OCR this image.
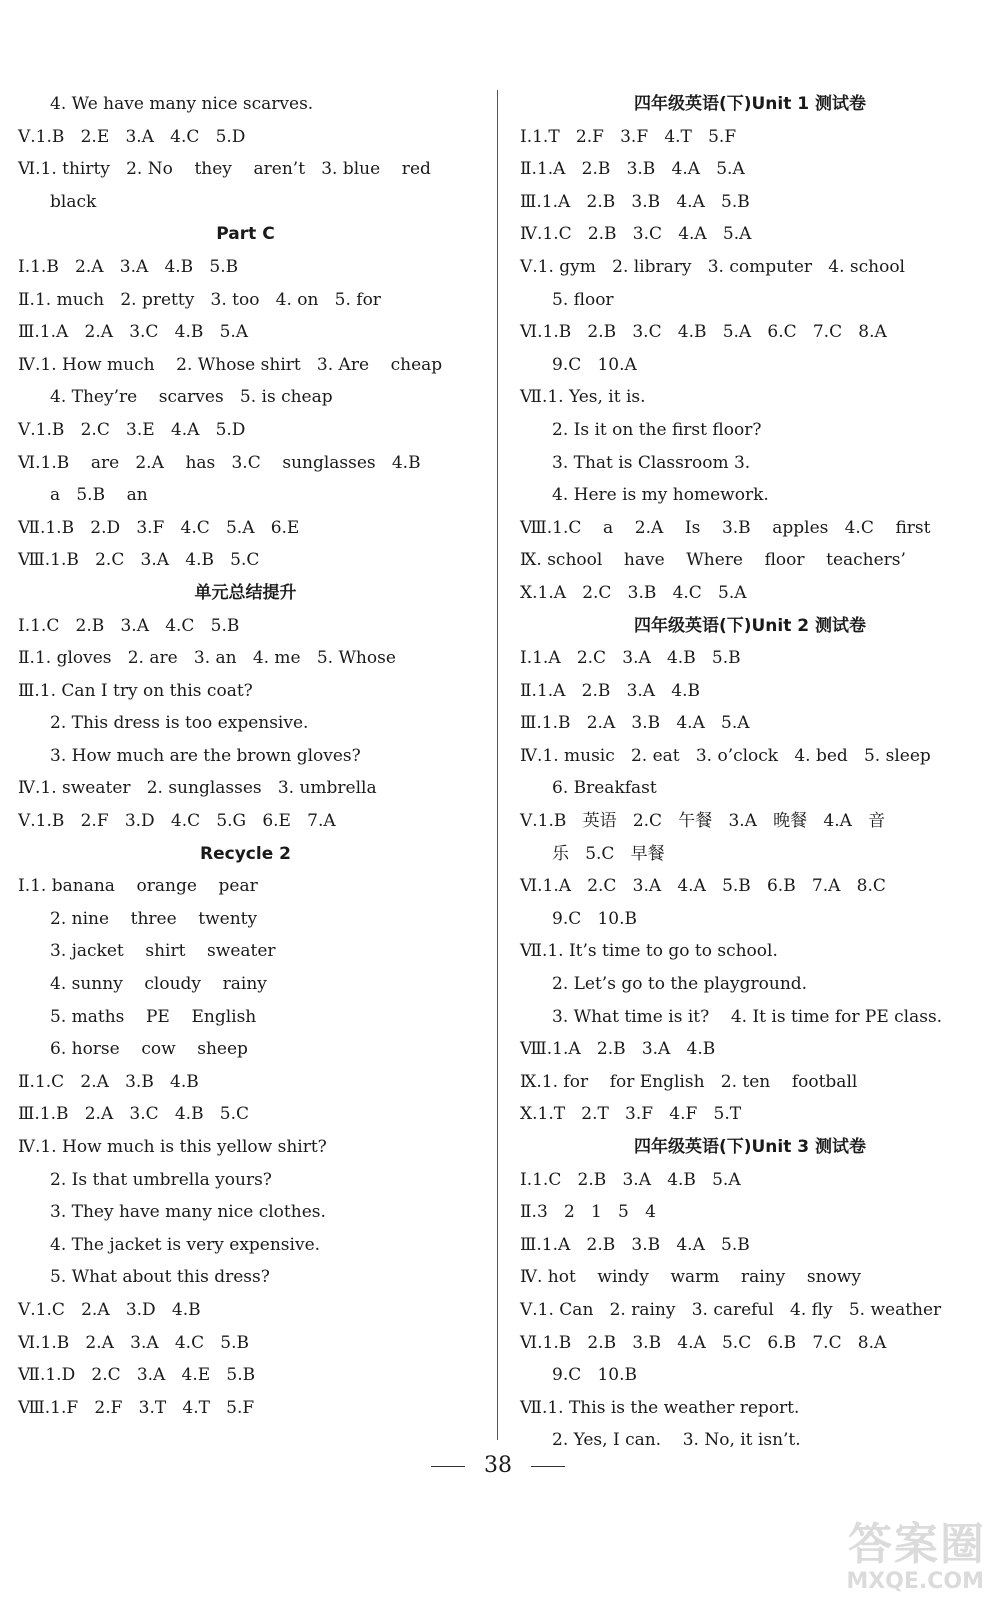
4. We have many nice scarves.
Ⅴ.1.B   2.E   3.A   4.C   5.D
Ⅵ.1. thirty   2. No    they    aren’t   3. blue    red
black
Part C
Ⅰ.1.B   2.A   3.A   4.B   5.B
Ⅱ.1. much   2. pretty   3. too   4. on   5. for
Ⅲ.1.A   2.A   3.C   4.B   5.A
Ⅳ.1. How much    2. Whose shirt   3. Are    cheap
4. They’re    scarves   5. is cheap
Ⅴ.1.B   2.C   3.E   4.A   5.D
Ⅵ.1.B    are   2.A    has   3.C    sunglasses   4.B
a   5.B    an
Ⅶ.1.B   2.D   3.F   4.C   5.A   6.E
Ⅷ.1.B   2.C   3.A   4.B   5.C
单元总结提升
Ⅰ.1.C   2.B   3.A   4.C   5.B
Ⅱ.1. gloves   2. are   3. an   4. me   5. Whose
Ⅲ.1. Can I try on this coat?
2. This dress is too expensive.
3. How much are the brown gloves?
Ⅳ.1. sweater   2. sunglasses   3. umbrella
Ⅴ.1.B   2.F   3.D   4.C   5.G   6.E   7.A
Recycle 2
Ⅰ.1. banana    orange    pear
2. nine    three    twenty
3. jacket    shirt    sweater
4. sunny    cloudy    rainy
5. maths    PE    English
6. horse    cow    sheep
Ⅱ.1.C   2.A   3.B   4.B
Ⅲ.1.B   2.A   3.C   4.B   5.C
Ⅳ.1. How much is this yellow shirt?
2. Is that umbrella yours?
3. They have many nice clothes.
4. The jacket is very expensive.
5. What about this dress?
Ⅴ.1.C   2.A   3.D   4.B
Ⅵ.1.B   2.A   3.A   4.C   5.B
Ⅶ.1.D   2.C   3.A   4.E   5.B
Ⅷ.1.F   2.F   3.T   4.T   5.F
四年级英语(下)Unit 1 测试卷
Ⅰ.1.T   2.F   3.F   4.T   5.F
Ⅱ.1.A   2.B   3.B   4.A   5.A
Ⅲ.1.A   2.B   3.B   4.A   5.B
Ⅳ.1.C   2.B   3.C   4.A   5.A
Ⅴ.1. gym   2. library   3. computer   4. school
5. floor
Ⅵ.1.B   2.B   3.C   4.B   5.A   6.C   7.C   8.A
9.C   10.A
Ⅶ.1. Yes, it is.
2. Is it on the first floor?
3. That is Classroom 3.
4. Here is my homework.
Ⅷ.1.C    a    2.A    Is    3.B    apples   4.C    first
Ⅸ. school    have    Where    floor    teachers’
Ⅹ.1.A   2.C   3.B   4.C   5.A
四年级英语(下)Unit 2 测试卷
Ⅰ.1.A   2.C   3.A   4.B   5.B
Ⅱ.1.A   2.B   3.A   4.B
Ⅲ.1.B   2.A   3.B   4.A   5.A
Ⅳ.1. music   2. eat   3. o’clock   4. bed   5. sleep
6. Breakfast
Ⅴ.1.B   英语   2.C   午餐   3.A   晚餐   4.A   音
乐   5.C   早餐
Ⅵ.1.A   2.C   3.A   4.A   5.B   6.B   7.A   8.C
9.C   10.B
Ⅶ.1. It’s time to go to school.
2. Let’s go to the playground.
3. What time is it?    4. It is time for PE class.
Ⅷ.1.A   2.B   3.A   4.B
Ⅸ.1. for    for English   2. ten    football
Ⅹ.1.T   2.T   3.F   4.F   5.T
四年级英语(下)Unit 3 测试卷
Ⅰ.1.C   2.B   3.A   4.B   5.A
Ⅱ.3   2   1   5   4
Ⅲ.1.A   2.B   3.B   4.A   5.B
Ⅳ. hot    windy    warm    rainy    snowy
Ⅴ.1. Can   2. rainy   3. careful   4. fly   5. weather
Ⅵ.1.B   2.B   3.B   4.A   5.C   6.B   7.C   8.A
9.C   10.B
Ⅶ.1. This is the weather report.
2. Yes, I can.    3. No, it isn’t.
38
答案圈
MXQE.COM
